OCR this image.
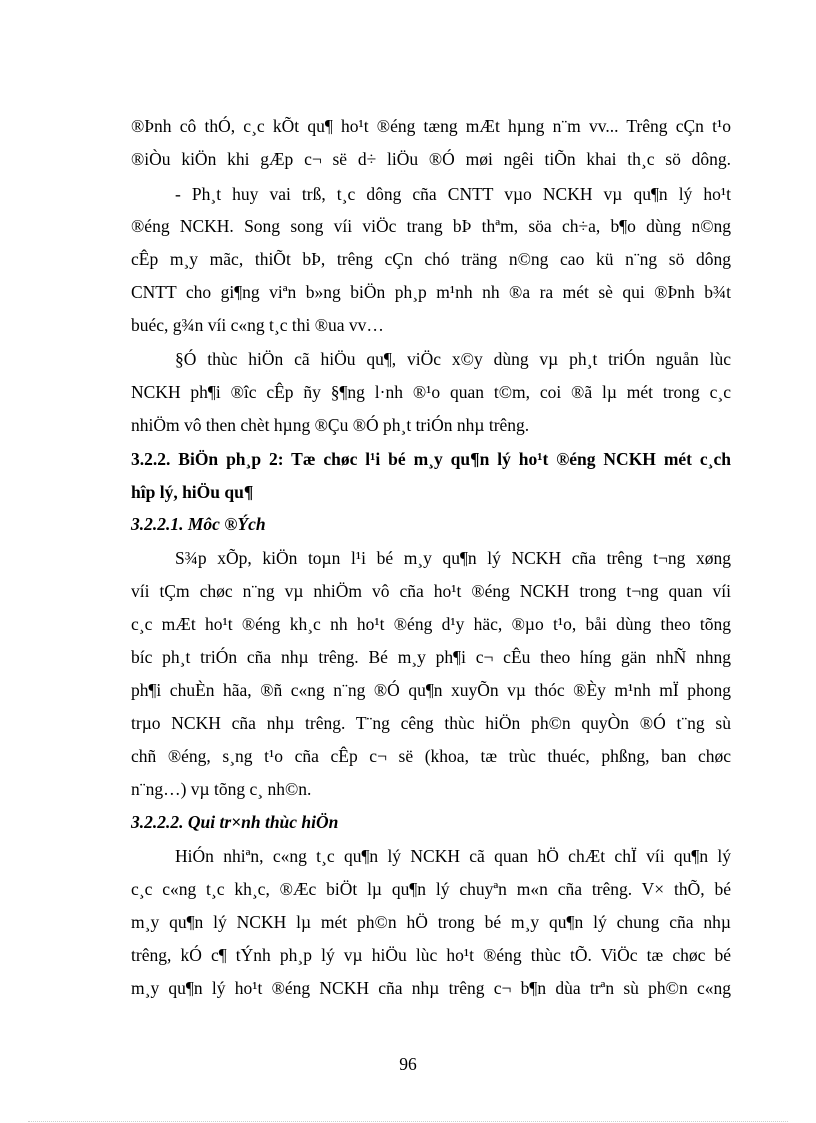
®Þnh cô thÓ, c¸c kÕt qu¶ ho¹t ®éng tæng mÆt hµng n¨m vv... Trêng cÇn t¹o
®iÒu kiÖn khi gÆp c¬ së d÷ liÖu ®Ó møi ngêi tiÕn khai th¸c sö dông.
- Ph¸t huy vai trß, t¸c dông cña CNTT vµo NCKH vµ qu¶n lý ho¹t
®éng NCKH. Song song víi viÖc trang bÞ thªm, söa ch÷a, b¶o dùng n©ng
cÊp m¸y mãc, thiÕt bÞ, trêng cÇn chó träng n©ng cao kü n¨ng sö dông
CNTT cho gi¶ng viªn b»ng biÖn ph¸p m¹nh nh ®a ra mét sè qui ®Þnh b¾t
buéc, g¾n víi c«ng t¸c thi ®ua vv…
§Ó thùc hiÖn cã hiÖu qu¶, viÖc x©y dùng vµ ph¸t triÓn nguån lùc
NCKH ph¶i ®îc cÊp ñy §¶ng l·nh ®¹o quan t©m, coi ®ã lµ mét trong c¸c
nhiÖm vô then chèt hµng ®Çu ®Ó ph¸t triÓn nhµ trêng.
3.2.2. BiÖn ph¸p 2: Tæ chøc l¹i bé m¸y qu¶n lý ho¹t ®éng NCKH mét c¸ch
hîp lý, hiÖu qu¶
3.2.2.1. Môc ®Ých
S¾p xÕp, kiÖn toµn l¹i bé m¸y qu¶n lý NCKH cña trêng t¬ng xøng
víi tÇm chøc n¨ng vµ nhiÖm vô cña ho¹t ®éng NCKH trong t¬ng quan víi
c¸c mÆt ho¹t ®éng kh¸c nh ho¹t ®éng d¹y häc, ®µo t¹o, båi dùng theo tõng
bíc ph¸t triÓn cña nhµ trêng. Bé m¸y ph¶i c¬ cÊu theo híng gän nhÑ nhng
ph¶i chuÈn hãa, ®ñ c«ng n¨ng ®Ó qu¶n xuyÕn vµ thóc ®Èy m¹nh mÏ phong
trµo NCKH cña nhµ trêng. T¨ng cêng thùc hiÖn ph©n quyÒn ®Ó t¨ng sù
chñ ®éng, s¸ng t¹o cña cÊp c¬ së (khoa, tæ trùc thuéc, phßng, ban chøc
n¨ng…) vµ tõng c¸ nh©n.
3.2.2.2. Qui tr×nh thùc hiÖn
HiÓn nhiªn, c«ng t¸c qu¶n lý NCKH cã quan hÖ chÆt chÏ víi qu¶n lý
c¸c c«ng t¸c kh¸c, ®Æc biÖt lµ qu¶n lý chuyªn m«n cña trêng. V× thÕ, bé
m¸y qu¶n lý NCKH lµ mét ph©n hÖ trong bé m¸y qu¶n lý chung cña nhµ
trêng, kÓ c¶ tÝnh ph¸p lý vµ hiÖu lùc ho¹t ®éng thùc tÕ. ViÖc tæ chøc bé
m¸y qu¶n lý ho¹t ®éng NCKH cña nhµ trêng c¬ b¶n dùa trªn sù ph©n c«ng
96
